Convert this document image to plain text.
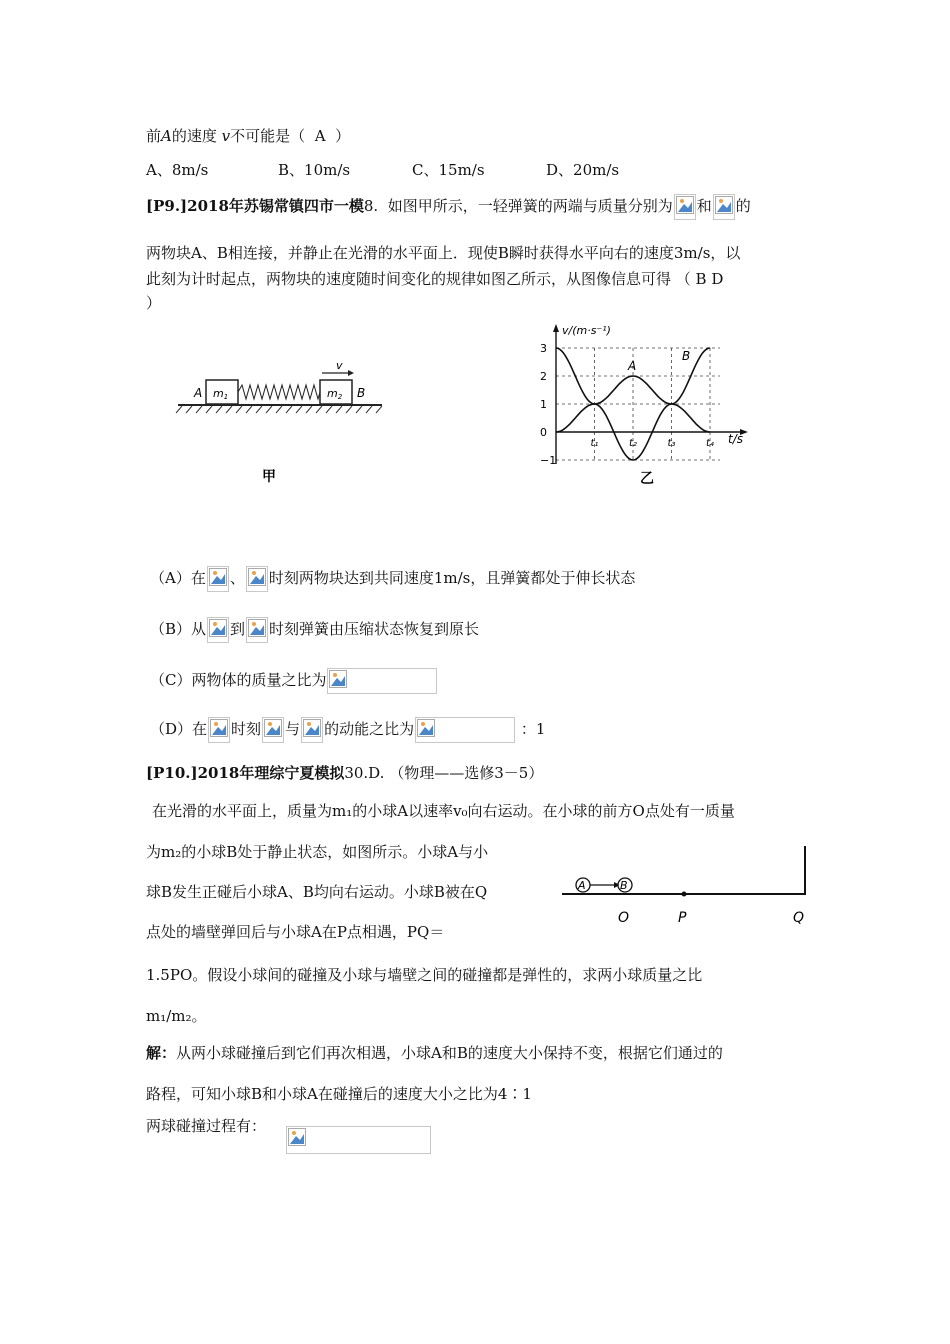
前A的速度 v不可能是（ A ）
A、8m/s	B、10m/s	C、15m/s	D、20m/s
[P9.]2018年苏锡常镇四市一模8. 如图甲所示，一轻弹簧的两端与质量分别为 和 的
两物块A、B相连接，并静止在光滑的水平面上．现使B瞬时获得水平向右的速度3m/s，以
此刻为计时起点，两物块的速度随时间变化的规律如图乙所示，从图像信息可得 （ B D
）
m1	m2
A	B
v
甲
3
2
1
0
−1
t₁	t₂	t₃	t₄
v/(m·s⁻¹)
t/s
A
B
乙
（A）在 、 时刻两物块达到共同速度1m/s，且弹簧都处于伸长状态
（B）从 到 时刻弹簧由压缩状态恢复到原长
（C）两物体的质量之比为
（D）在 时刻 与 的动能之比为	：1
[P10.]2018年理综宁夏模拟30.D. （物理——选修3－5）
在光滑的水平面上，质量为m₁的小球A以速率v₀向右运动。在小球的前方O点处有一质量
为m₂的小球B处于静止状态，如图所示。小球A与小
球B发生正碰后小球A、B均向右运动。小球B被在Q
点处的墙壁弹回后与小球A在P点相遇，PQ＝
1.5PO。假设小球间的碰撞及小球与墙壁之间的碰撞都是弹性的，求两小球质量之比
m₁/m₂。
A	B
O	P	Q
解：从两小球碰撞后到它们再次相遇，小球A和B的速度大小保持不变，根据它们通过的
路程，可知小球B和小球A在碰撞后的速度大小之比为4∶1
两球碰撞过程有：
